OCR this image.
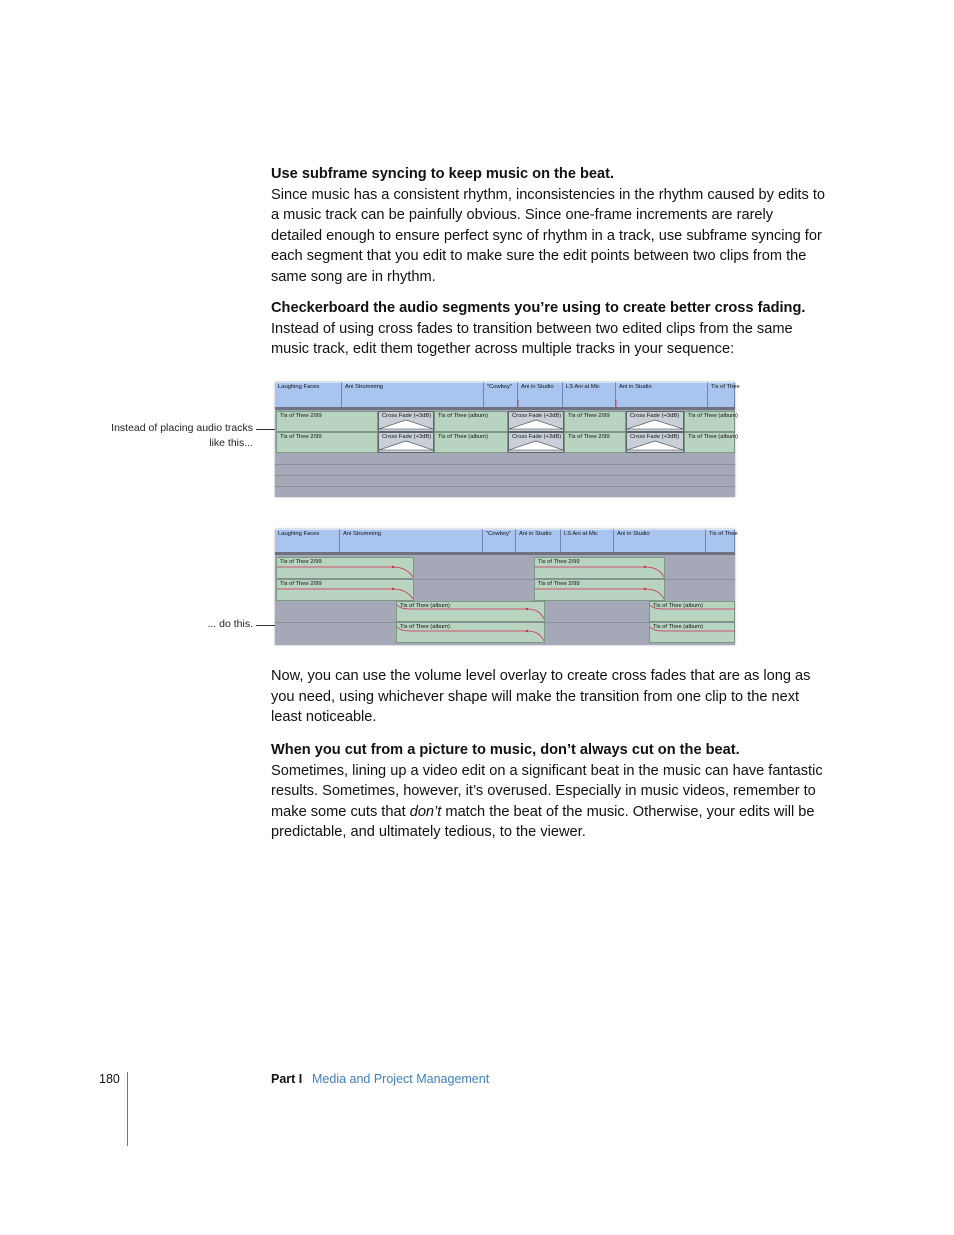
Use subframe syncing to keep music on the beat.

Since music has a consistent rhythm, inconsistencies in the rhythm caused by edits to a music track can be painfully obvious. Since one-frame increments are rarely detailed enough to ensure perfect sync of rhythm in a track, use subframe syncing for each segment that you edit to make sure the edit points between two clips from the same song are in rhythm.

Checkerboard the audio segments you’re using to create better cross fading.

Instead of using cross fades to transition between two edited clips from the same music track, edit them together across multiple tracks in your sequence:

Instead of placing audio tracks like this...
... do this.
Laughing Faces	Ani Strumming	"Cowboy"	Ani in Studio	LS Ani at Mic	Ani in Studio	Tis of Thee
Tis of Thee 2/99	Cross Fade (+3dB)	Tis of Thee (album)	Cross Fade (+3dB)	Tis of Thee 2/99	Cross Fade (+3dB)	Tis of Thee (album)
Tis of Thee 2/99	Cross Fade (+3dB)	Tis of Thee (album)	Cross Fade (+3dB)	Tis of Thee 2/99	Cross Fade (+3dB)	Tis of Thee (album)
Laughing Faces	Ani Strumming	"Cowboy"	Ani in Studio	LS Ani at Mic	Ani in Studio	Tis of Thee
Tis of Thee 2/99
Tis of Thee 2/99
Tis of Thee 2/99
Tis of Thee 2/99
Tis of Thee (album)
Tis of Thee (album)
Tis of Thee (album)
Tis of Thee (album)

Now, you can use the volume level overlay to create cross fades that are as long as you need, using whichever shape will make the transition from one clip to the next least noticeable.

When you cut from a picture to music, don’t always cut on the beat.

Sometimes, lining up a video edit on a significant beat in the music can have fantastic results. Sometimes, however, it’s overused. Especially in music videos, remember to make some cuts that don’t match the beat of the music. Otherwise, your edits will be predictable, and ultimately tedious, to the viewer.

180	Part I Media and Project Management
